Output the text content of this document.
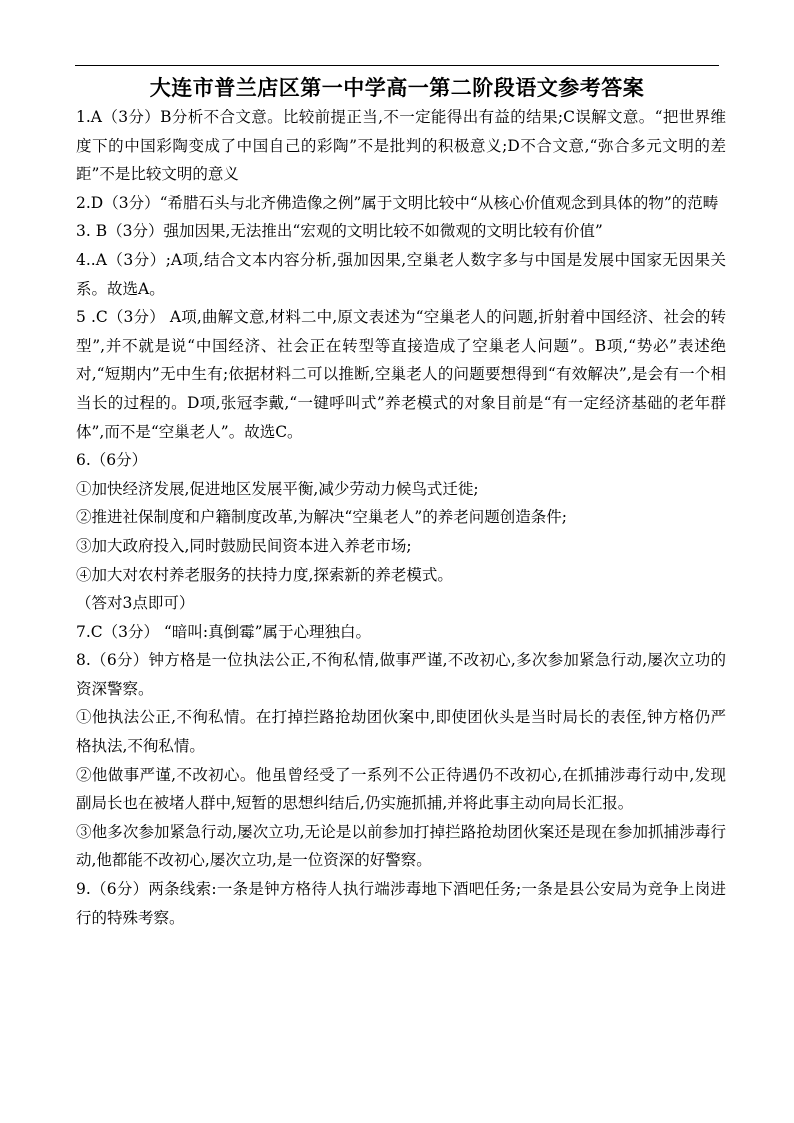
大连市普兰店区第一中学高一第二阶段语文参考答案

1.A（3分）B分析不合文意。比较前提正当,不一定能得出有益的结果;C误解文意。“把世界维度下的中国彩陶变成了中国自己的彩陶”不是批判的积极意义;D不合文意,“弥合多元文明的差距”不是比较文明的意义

2.D（3分）“希腊石头与北齐佛造像之例”属于文明比较中“从核心价值观念到具体的物”的范畴

3. B（3分）强加因果,无法推出“宏观的文明比较不如微观的文明比较有价值”

4..A（3分）;A项,结合文本内容分析,强加因果,空巢老人数字多与中国是发展中国家无因果关系。故选A。

5 .C（3分） A项,曲解文意,材料二中,原文表述为“空巢老人的问题,折射着中国经济、社会的转型”,并不就是说“中国经济、社会正在转型等直接造成了空巢老人问题”。B项,“势必”表述绝对,“短期内”无中生有;依据材料二可以推断,空巢老人的问题要想得到“有效解决”,是会有一个相当长的过程的。D项,张冠李戴,“一键呼叫式”养老模式的对象目前是“有一定经济基础的老年群体”,而不是“空巢老人”。故选C。

6.（6分）

①加快经济发展,促进地区发展平衡,减少劳动力候鸟式迁徙;

②推进社保制度和户籍制度改革,为解决“空巢老人”的养老问题创造条件;

③加大政府投入,同时鼓励民间资本进入养老市场;

④加大对农村养老服务的扶持力度,探索新的养老模式。

（答对3点即可）

7.C（3分） “暗叫:真倒霉”属于心理独白。

8.（6分）钟方格是一位执法公正,不徇私情,做事严谨,不改初心,多次参加紧急行动,屡次立功的资深警察。

①他执法公正,不徇私情。在打掉拦路抢劫团伙案中,即使团伙头是当时局长的表侄,钟方格仍严格执法,不徇私情。

②他做事严谨,不改初心。他虽曾经受了一系列不公正待遇仍不改初心,在抓捕涉毒行动中,发现副局长也在被堵人群中,短暂的思想纠结后,仍实施抓捕,并将此事主动向局长汇报。

③他多次参加紧急行动,屡次立功,无论是以前参加打掉拦路抢劫团伙案还是现在参加抓捕涉毒行动,他都能不改初心,屡次立功,是一位资深的好警察。

9.（6分）两条线索:一条是钟方格待人执行端涉毒地下酒吧任务;一条是县公安局为竞争上岗进行的特殊考察。
